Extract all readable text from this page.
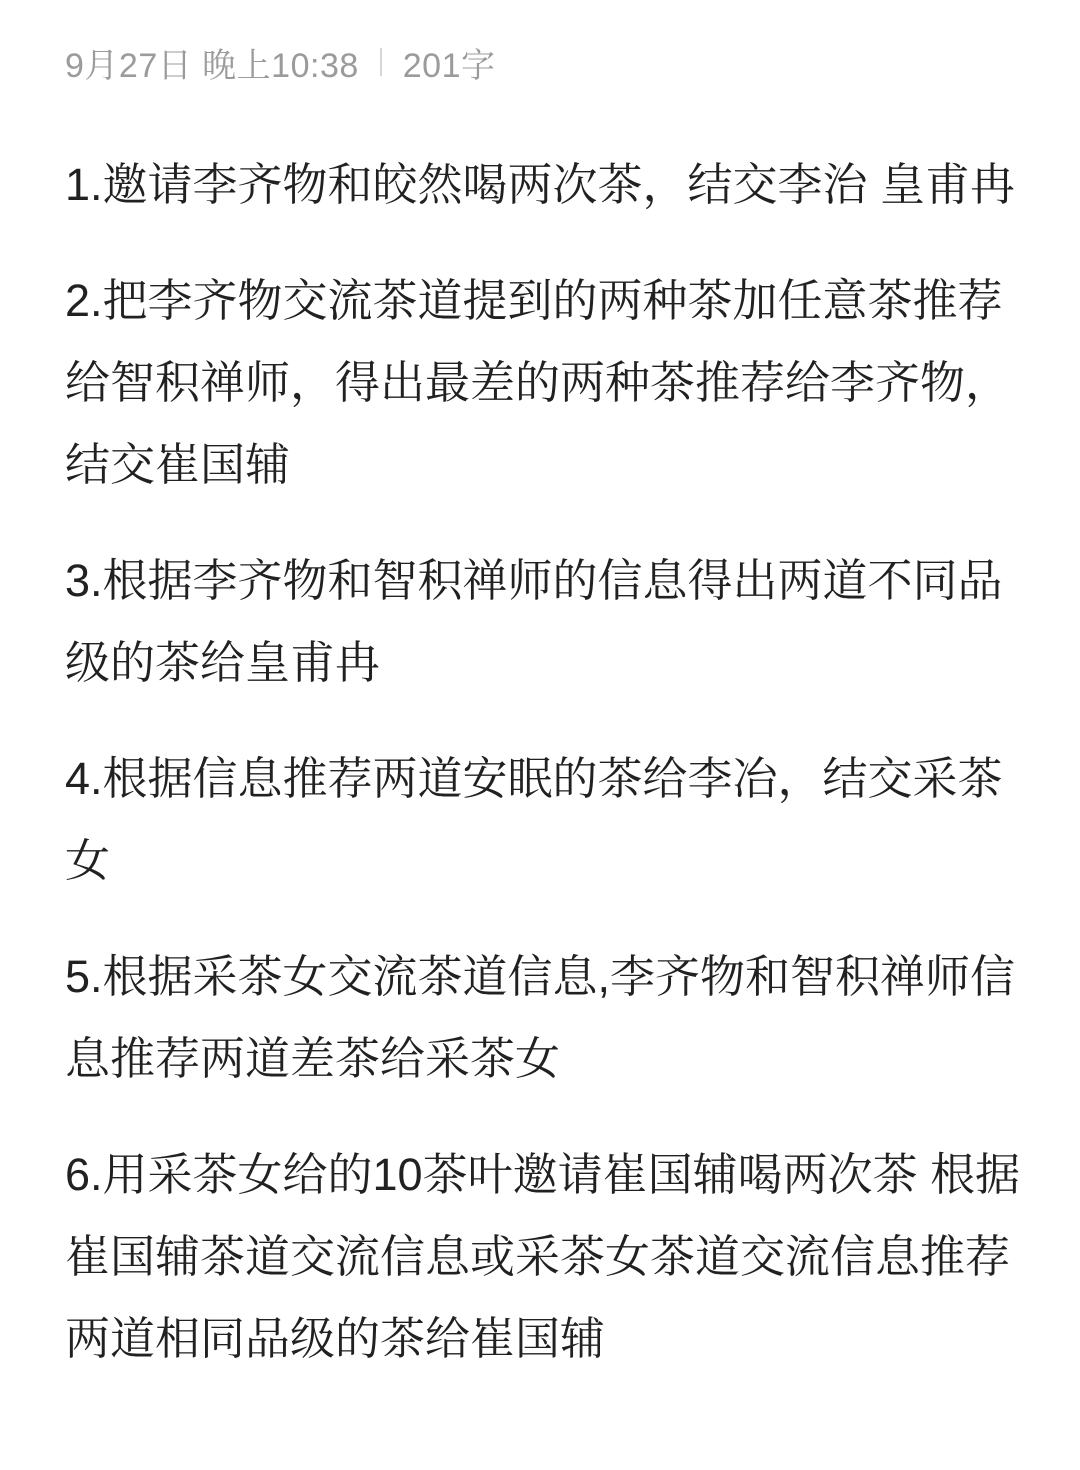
9月27日 晚上10:38 201字

1.邀请李齐物和皎然喝两次茶，结交李治 皇甫冉

2.把李齐物交流茶道提到的两种茶加任意茶推荐给智积禅师，得出最差的两种茶推荐给李齐物，结交崔国辅

3.根据李齐物和智积禅师的信息得出两道不同品级的茶给皇甫冉

4.根据信息推荐两道安眠的茶给李冶，结交采茶女

5.根据采茶女交流茶道信息,李齐物和智积禅师信息推荐两道差茶给采茶女

6.用采茶女给的10茶叶邀请崔国辅喝两次茶 根据崔国辅茶道交流信息或采茶女茶道交流信息推荐两道相同品级的茶给崔国辅
